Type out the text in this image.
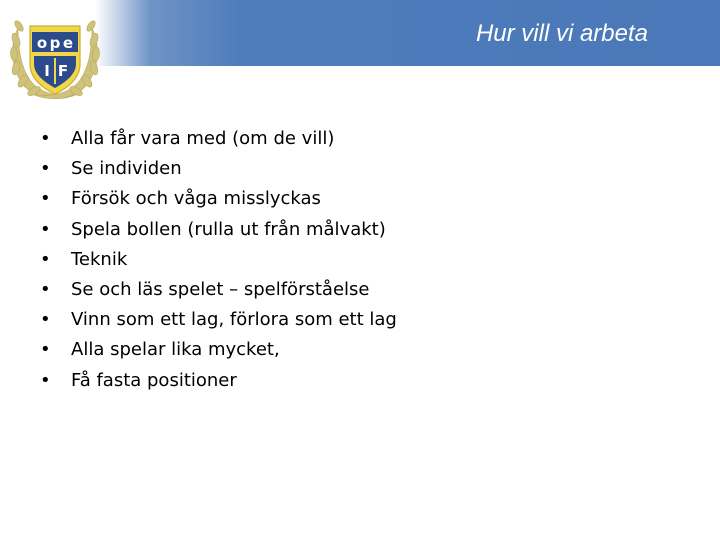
Hur vill vi arbeta
o p e
I F
• Alla får vara med (om de vill)
• Se individen
• Försök och våga misslyckas
• Spela bollen (rulla ut från målvakt)
• Teknik
• Se och läs spelet – spelförståelse
• Vinn som ett lag, förlora som ett lag
• Alla spelar lika mycket,
• Få fasta positioner
